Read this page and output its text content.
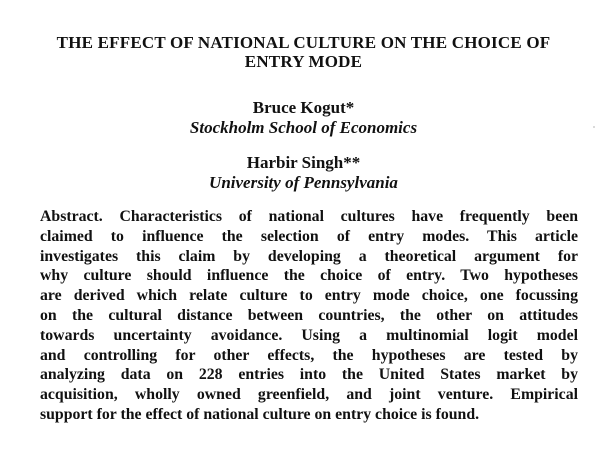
THE EFFECT OF NATIONAL CULTURE ON THE CHOICE OF
ENTRY MODE
Bruce Kogut*
Stockholm School of Economics
Harbir Singh**
University of Pennsylvania
Abstract. Characteristics of national cultures have frequently been
claimed to influence the selection of entry modes. This article
investigates this claim by developing a theoretical argument for
why culture should influence the choice of entry. Two hypotheses
are derived which relate culture to entry mode choice, one focussing
on the cultural distance between countries, the other on attitudes
towards uncertainty avoidance. Using a multinomial logit model
and controlling for other effects, the hypotheses are tested by
analyzing data on 228 entries into the United States market by
acquisition, wholly owned greenfield, and joint venture. Empirical
support for the effect of national culture on entry choice is found.
